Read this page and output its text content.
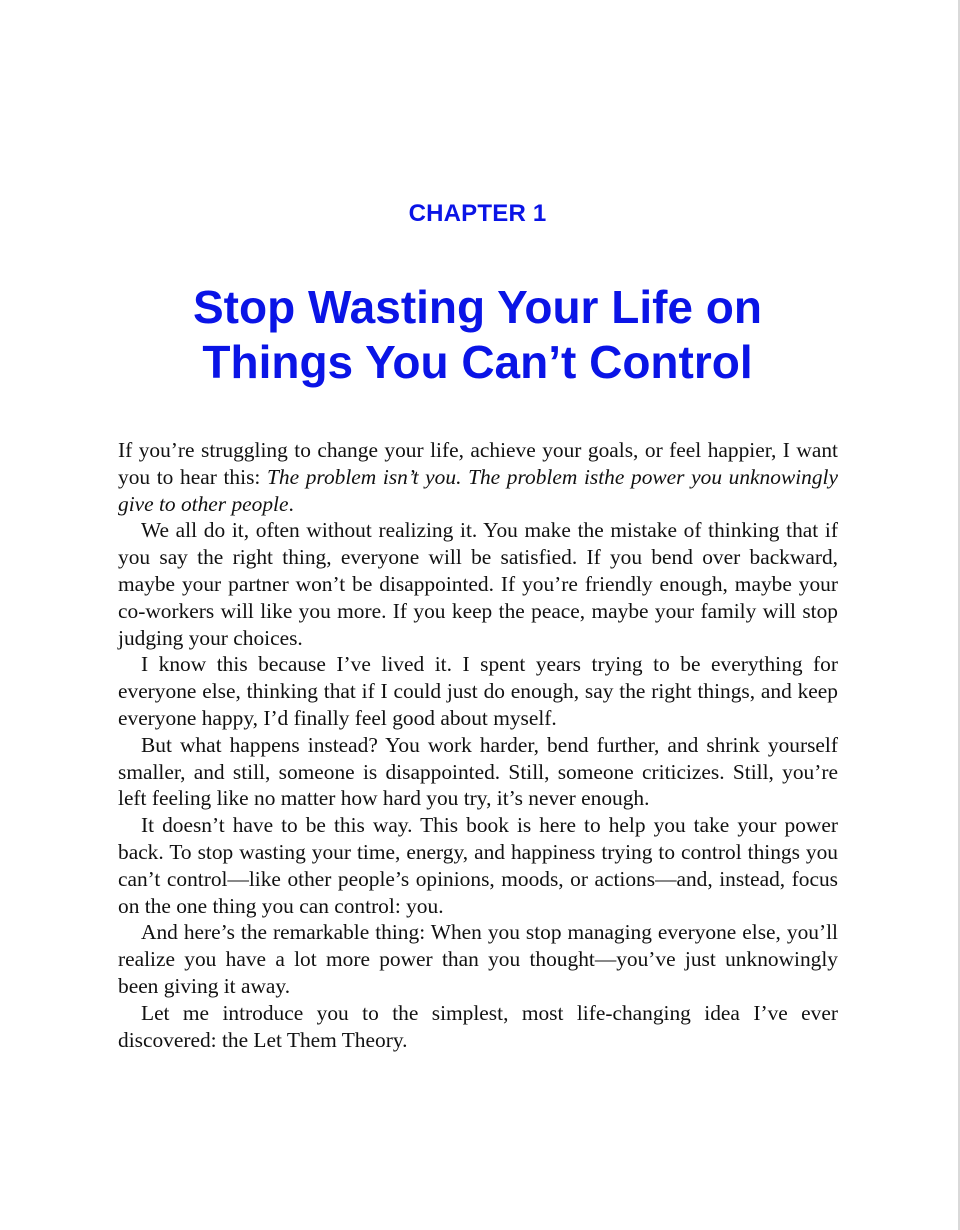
CHAPTER 1
Stop Wasting Your Life on
Things You Can’t Control

If you’re struggling to change your life, achieve your goals, or feel happier, I want you to hear this: The problem isn’t you. The problem isthe power you unknowingly give to other people.

We all do it, often without realizing it. You make the mistake of thinking that if you say the right thing, everyone will be satisfied. If you bend over backward, maybe your partner won’t be disappointed. If you’re friendly enough, maybe your co-workers will like you more. If you keep the peace, maybe your family will stop judging your choices.

I know this because I’ve lived it. I spent years trying to be everything for everyone else, thinking that if I could just do enough, say the right things, and keep everyone happy, I’d finally feel good about myself.

But what happens instead? You work harder, bend further, and shrink yourself smaller, and still, someone is disappointed. Still, someone criticizes. Still, you’re left feeling like no matter how hard you try, it’s never enough.

It doesn’t have to be this way. This book is here to help you take your power back. To stop wasting your time, energy, and happiness trying to control things you can’t control—like other people’s opinions, moods, or actions—and, instead, focus on the one thing you can control: you.

And here’s the remarkable thing: When you stop managing everyone else, you’ll realize you have a lot more power than you thought—you’ve just unknowingly been giving it away.

Let me introduce you to the simplest, most life-changing idea I’ve ever discovered: the Let Them Theory.
